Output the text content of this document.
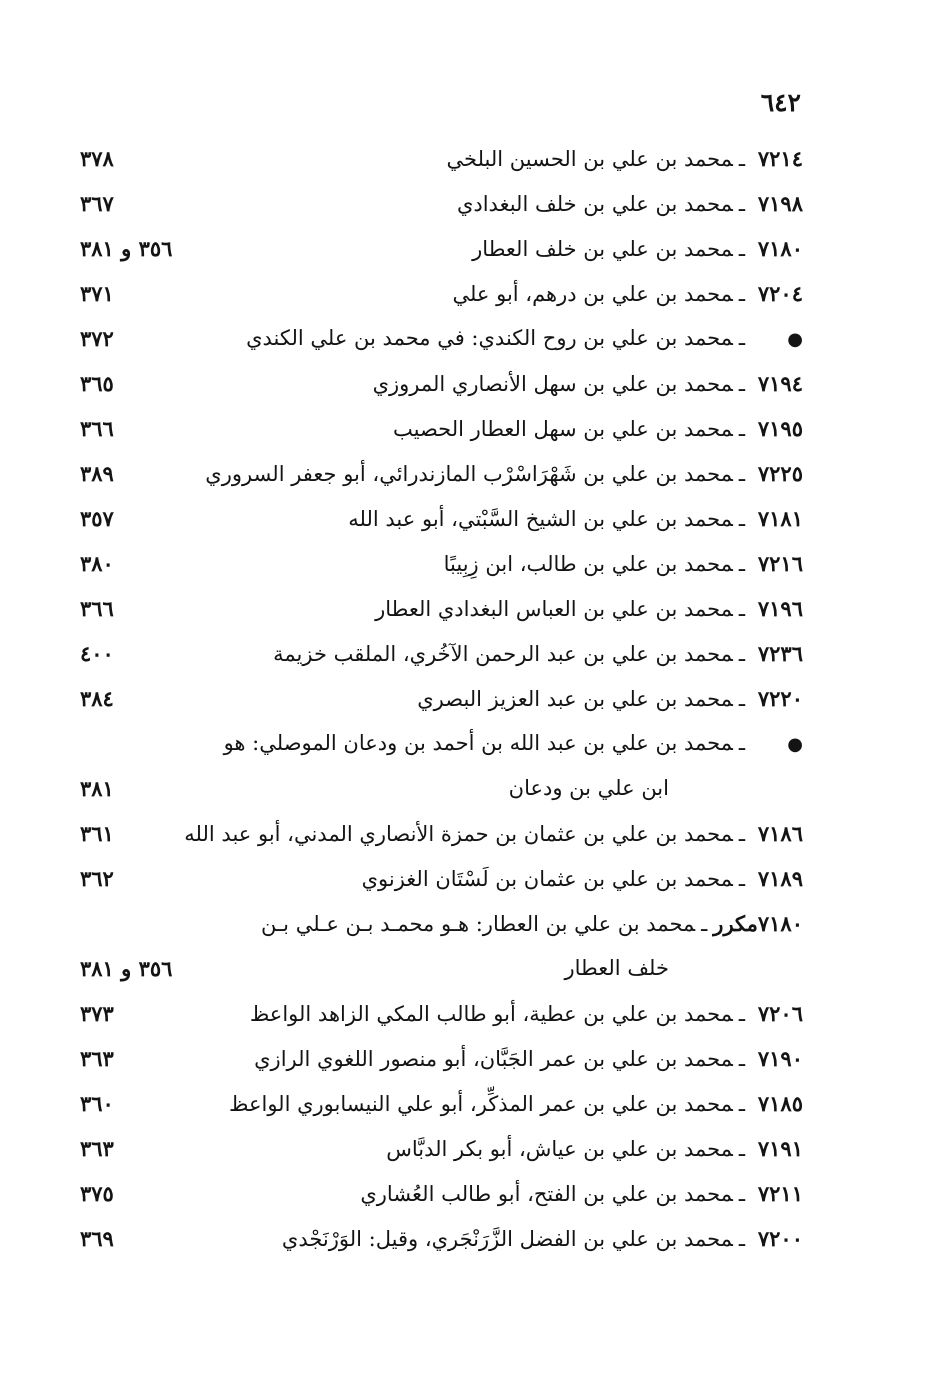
٦٤٢
٧٢١٤ـمحمد بن علي بن الحسين البلخي
٣٧٨
٧١٩٨ـمحمد بن علي بن خلف البغدادي
٣٦٧
٧١٨٠ـمحمد بن علي بن خلف العطار
٣٥٦ و ٣٨١
٧٢٠٤ـمحمد بن علي بن درهم، أبو علي
٣٧١
●ـمحمد بن علي بن روح الكندي: في محمد بن علي الكندي
٣٧٢
٧١٩٤ـمحمد بن علي بن سهل الأنصاري المروزي
٣٦٥
٧١٩٥ـمحمد بن علي بن سهل العطار الحصيب
٣٦٦
٧٢٢٥ـمحمد بن علي بن شَهْرَاسْرْب المازندرائي، أبو جعفر السروري
٣٨٩
٧١٨١ـمحمد بن علي بن الشيخ السَّبْتي، أبو عبد الله
٣٥٧
٧٢١٦ـمحمد بن علي بن طالب، ابن زِبِيبًا
٣٨٠
٧١٩٦ـمحمد بن علي بن العباس البغدادي العطار
٣٦٦
٧٢٣٦ـمحمد بن علي بن عبد الرحمن الآخُري، الملقب خزيمة
٤٠٠
٧٢٢٠ـمحمد بن علي بن عبد العزيز البصري
٣٨٤
●ـمحمد بن علي بن عبد الله بن أحمد بن ودعان الموصلي: هو
ابن علي بن ودعان
٣٨١
٧١٨٦ـمحمد بن علي بن عثمان بن حمزة الأنصاري المدني، أبو عبد الله
٣٦١
٧١٨٩ـمحمد بن علي بن عثمان بن لَسْتَان الغزنوي
٣٦٢
٧١٨٠مكررـمحمد بن علي بن العطار: هـو محمـد بـن عـلي بـن
خلف العطار
٣٥٦ و ٣٨١
٧٢٠٦ـمحمد بن علي بن عطية، أبو طالب المكي الزاهد الواعظ
٣٧٣
٧١٩٠ـمحمد بن علي بن عمر الجَبَّان، أبو منصور اللغوي الرازي
٣٦٣
٧١٨٥ـمحمد بن علي بن عمر المذكِّر، أبو علي النيسابوري الواعظ
٣٦٠
٧١٩١ـمحمد بن علي بن عياش، أبو بكر الدبَّاس
٣٦٣
٧٢١١ـمحمد بن علي بن الفتح، أبو طالب العُشاري
٣٧٥
٧٢٠٠ـمحمد بن علي بن الفضل الزَّرَنْجَري، وقيل: الوَرْنَجْدي
٣٦٩
